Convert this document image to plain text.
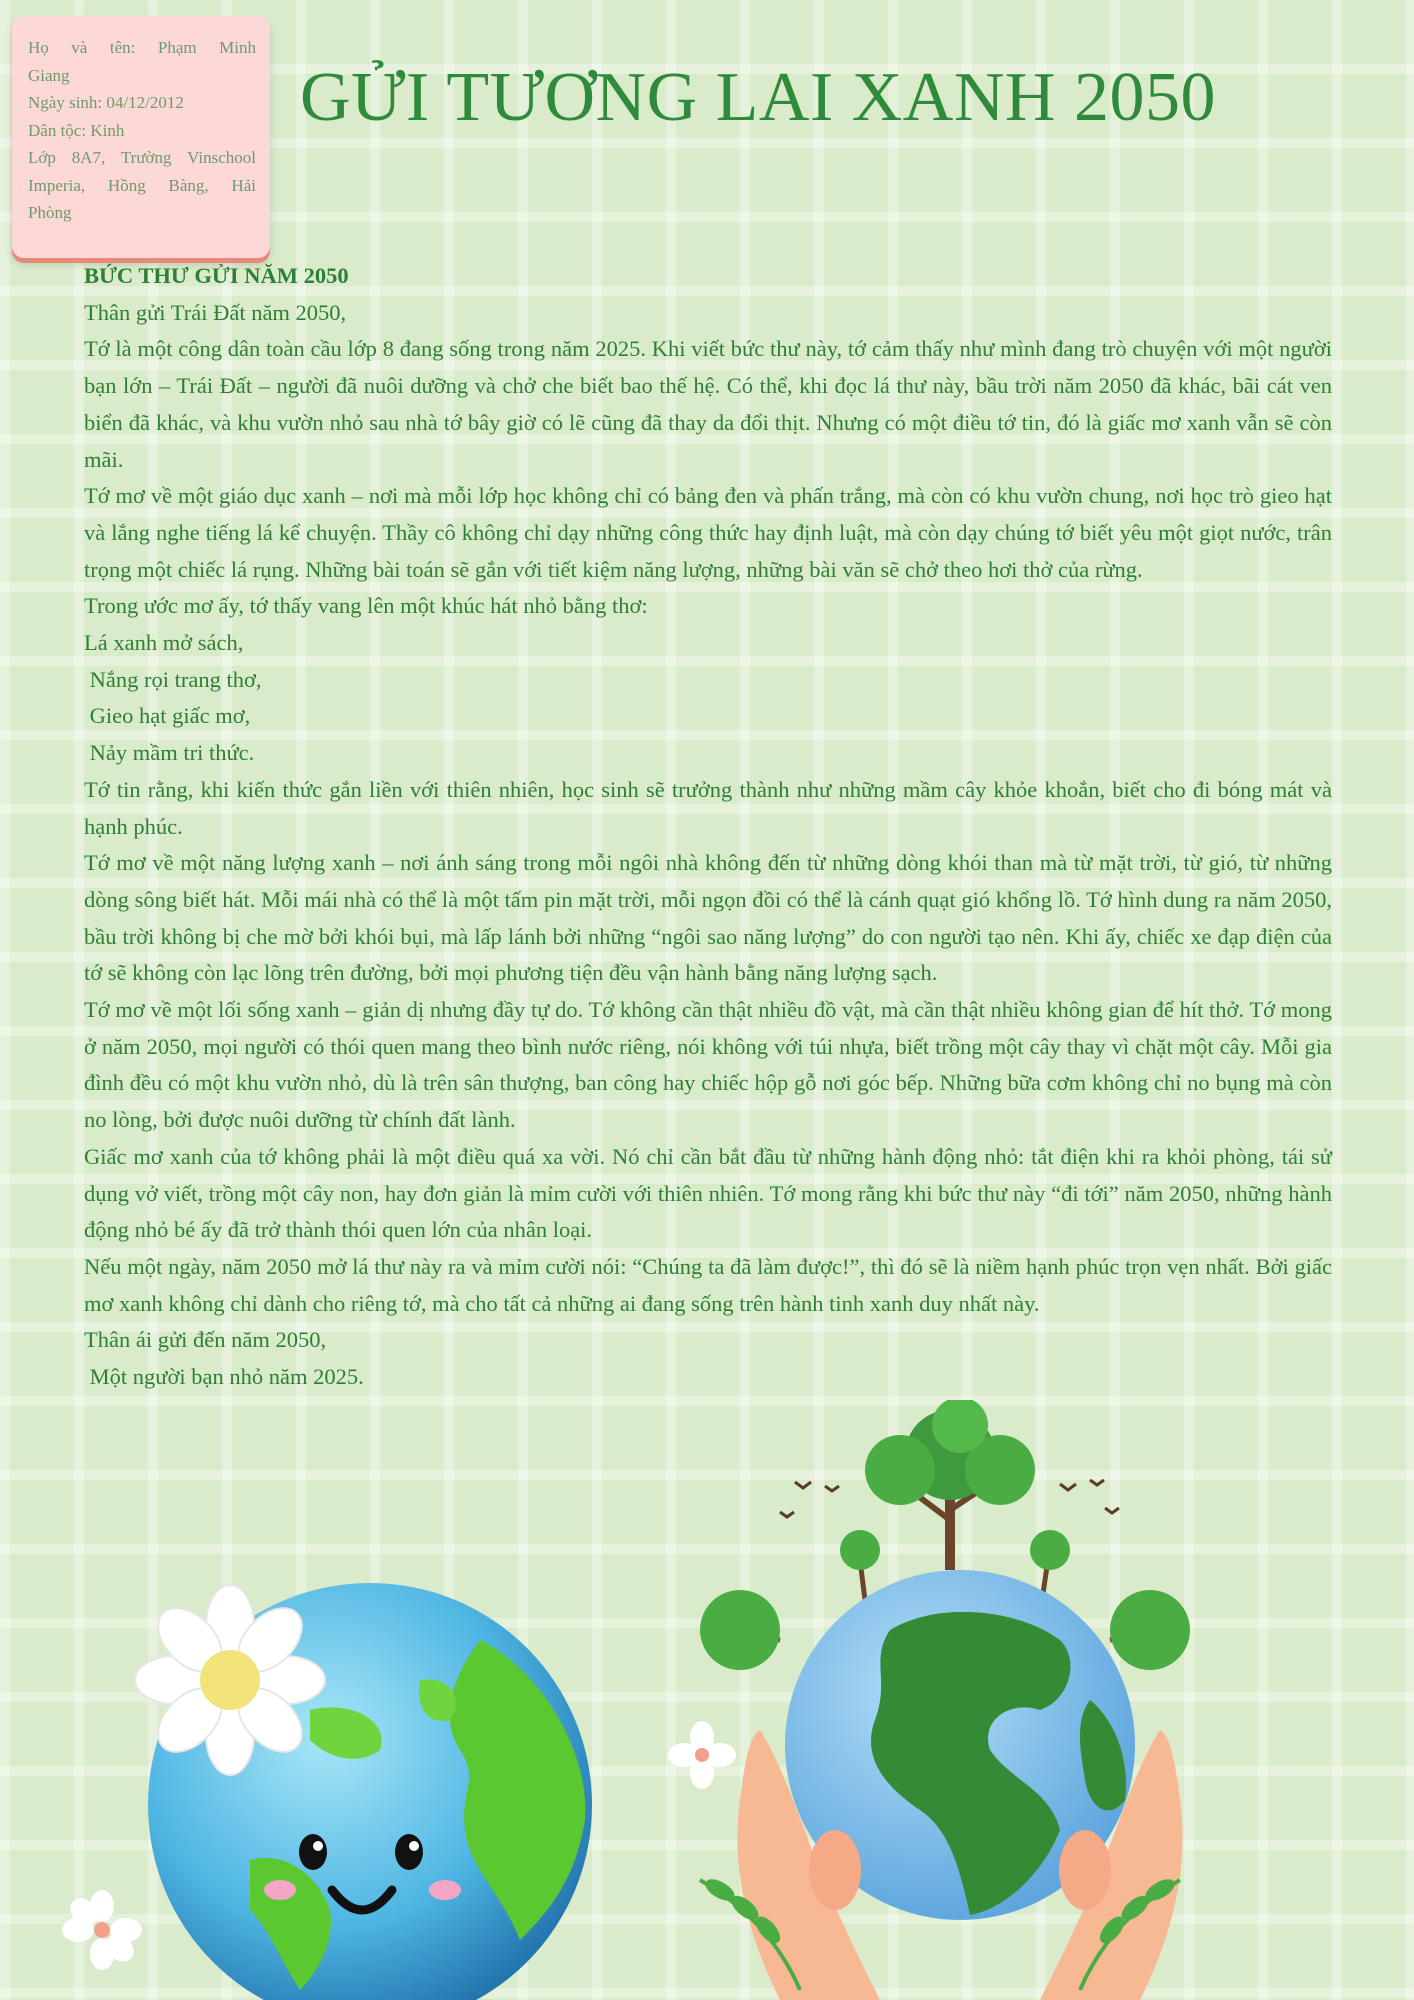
Họ và tên: Phạm Minh
Giang
Ngày sinh: 04/12/2012
Dân tộc: Kinh
Lớp 8A7, Trường Vinschool
Imperia, Hồng Bàng, Hải
Phòng
GỬI TƯƠNG LAI XANH 2050

BỨC THƯ GỬI NĂM 2050

Thân gửi Trái Đất năm 2050,

Tớ là một công dân toàn cầu lớp 8 đang sống trong năm 2025. Khi viết bức thư này, tớ cảm thấy như mình đang trò chuyện với một người bạn lớn – Trái Đất – người đã nuôi dưỡng và chở che biết bao thế hệ. Có thể, khi đọc lá thư này, bầu trời năm 2050 đã khác, bãi cát ven biển đã khác, và khu vườn nhỏ sau nhà tớ bây giờ có lẽ cũng đã thay da đổi thịt. Nhưng có một điều tớ tin, đó là giấc mơ xanh vẫn sẽ còn mãi.

Tớ mơ về một giáo dục xanh – nơi mà mỗi lớp học không chỉ có bảng đen và phấn trắng, mà còn có khu vườn chung, nơi học trò gieo hạt và lắng nghe tiếng lá kể chuyện. Thầy cô không chỉ dạy những công thức hay định luật, mà còn dạy chúng tớ biết yêu một giọt nước, trân trọng một chiếc lá rụng. Những bài toán sẽ gắn với tiết kiệm năng lượng, những bài văn sẽ chở theo hơi thở của rừng.

Trong ước mơ ấy, tớ thấy vang lên một khúc hát nhỏ bằng thơ:

Lá xanh mở sách,

Nắng rọi trang thơ,

Gieo hạt giấc mơ,

Nảy mầm tri thức.

Tớ tin rằng, khi kiến thức gắn liền với thiên nhiên, học sinh sẽ trưởng thành như những mầm cây khỏe khoắn, biết cho đi bóng mát và hạnh phúc.

Tớ mơ về một năng lượng xanh – nơi ánh sáng trong mỗi ngôi nhà không đến từ những dòng khói than mà từ mặt trời, từ gió, từ những dòng sông biết hát. Mỗi mái nhà có thể là một tấm pin mặt trời, mỗi ngọn đồi có thể là cánh quạt gió khổng lồ. Tớ hình dung ra năm 2050, bầu trời không bị che mờ bởi khói bụi, mà lấp lánh bởi những “ngôi sao năng lượng” do con người tạo nên. Khi ấy, chiếc xe đạp điện của tớ sẽ không còn lạc lõng trên đường, bởi mọi phương tiện đều vận hành bằng năng lượng sạch.

Tớ mơ về một lối sống xanh – giản dị nhưng đầy tự do. Tớ không cần thật nhiều đồ vật, mà cần thật nhiều không gian để hít thở. Tớ mong ở năm 2050, mọi người có thói quen mang theo bình nước riêng, nói không với túi nhựa, biết trồng một cây thay vì chặt một cây. Mỗi gia đình đều có một khu vườn nhỏ, dù là trên sân thượng, ban công hay chiếc hộp gỗ nơi góc bếp. Những bữa cơm không chỉ no bụng mà còn no lòng, bởi được nuôi dưỡng từ chính đất lành.

Giấc mơ xanh của tớ không phải là một điều quá xa vời. Nó chỉ cần bắt đầu từ những hành động nhỏ: tắt điện khi ra khỏi phòng, tái sử dụng vở viết, trồng một cây non, hay đơn giản là mỉm cười với thiên nhiên. Tớ mong rằng khi bức thư này “đi tới” năm 2050, những hành động nhỏ bé ấy đã trở thành thói quen lớn của nhân loại.

Nếu một ngày, năm 2050 mở lá thư này ra và mỉm cười nói: “Chúng ta đã làm được!”, thì đó sẽ là niềm hạnh phúc trọn vẹn nhất. Bởi giấc mơ xanh không chỉ dành cho riêng tớ, mà cho tất cả những ai đang sống trên hành tinh xanh duy nhất này.

Thân ái gửi đến năm 2050,

Một người bạn nhỏ năm 2025.
